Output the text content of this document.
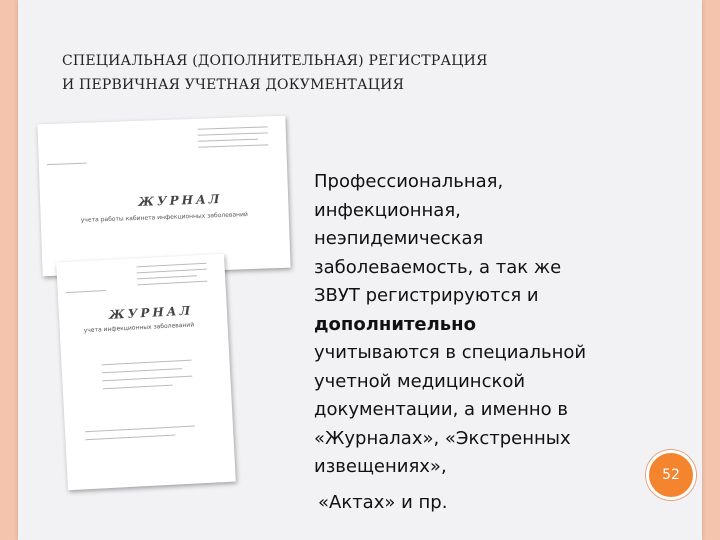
СПЕЦИАЛЬНАЯ (ДОПОЛНИТЕЛЬНАЯ) РЕГИСТРАЦИЯ
И ПЕРВИЧНАЯ УЧЕТНАЯ ДОКУМЕНТАЦИЯ
ЖУРНАЛ
учета работы кабинета инфекционных заболеваний
ЖУРНАЛ
учета инфекционных заболеваний
Профессиональная,
инфекционная,
неэпидемическая
заболеваемость, а так же
ЗВУТ регистрируются и
дополнительно
учитываются в специальной
учетной медицинской
документации, а именно в
«Журналах», «Экстренных
извещениях»,
«Актах» и пр.
52
